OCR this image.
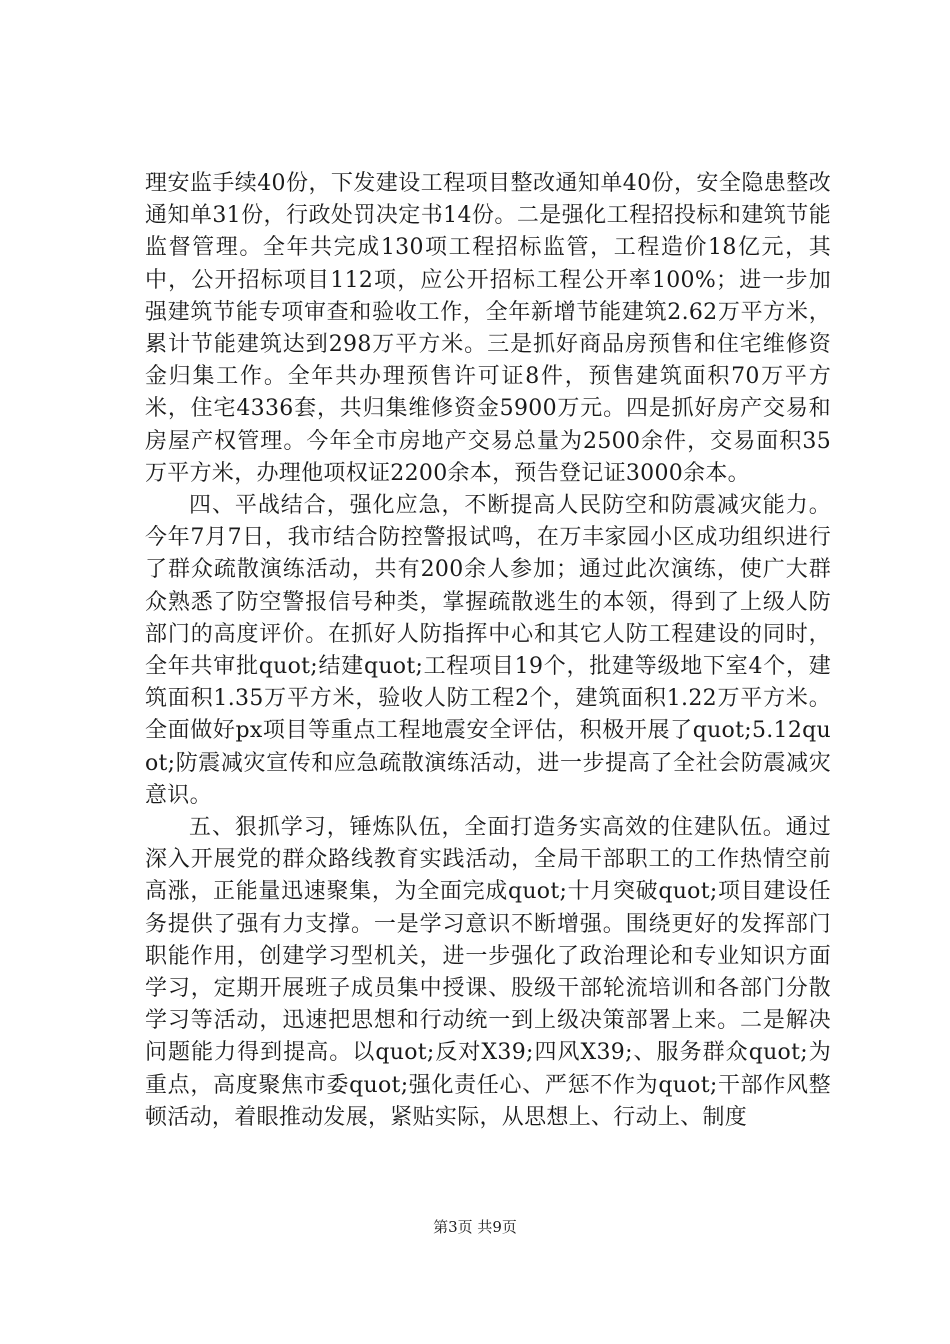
理安监手续40份，下发建设工程项目整改通知单40份，安全隐患整改通知单31份，行政处罚决定书14份。二是强化工程招投标和建筑节能监督管理。全年共完成130项工程招标监管，工程造价18亿元，其中，公开招标项目112项，应公开招标工程公开率100%；进一步加强建筑节能专项审查和验收工作，全年新增节能建筑2.62万平方米，累计节能建筑达到298万平方米。三是抓好商品房预售和住宅维修资金归集工作。全年共办理预售许可证8件，预售建筑面积70万平方米，住宅4336套，共归集维修资金5900万元。四是抓好房产交易和房屋产权管理。今年全市房地产交易总量为2500余件，交易面积35万平方米，办理他项权证2200余本，预告登记证3000余本。

四、平战结合，强化应急，不断提高人民防空和防震减灾能力。今年7月7日，我市结合防控警报试鸣，在万丰家园小区成功组织进行了群众疏散演练活动，共有200余人参加；通过此次演练，使广大群众熟悉了防空警报信号种类，掌握疏散逃生的本领，得到了上级人防部门的高度评价。在抓好人防指挥中心和其它人防工程建设的同时，全年共审批quot;结建quot;工程项目19个，批建等级地下室4个，建筑面积1.35万平方米，验收人防工程2个，建筑面积1.22万平方米。全面做好px项目等重点工程地震安全评估，积极开展了quot;5.12quot;防震减灾宣传和应急疏散演练活动，进一步提高了全社会防震减灾意识。

五、狠抓学习，锤炼队伍，全面打造务实高效的住建队伍。通过深入开展党的群众路线教育实践活动，全局干部职工的工作热情空前高涨，正能量迅速聚集，为全面完成quot;十月突破quot;项目建设任务提供了强有力支撑。一是学习意识不断增强。围绕更好的发挥部门职能作用，创建学习型机关，进一步强化了政治理论和专业知识方面学习，定期开展班子成员集中授课、股级干部轮流培训和各部门分散学习等活动，迅速把思想和行动统一到上级决策部署上来。二是解决问题能力得到提高。以quot;反对X39;四风X39;、服务群众quot;为重点，高度聚焦市委quot;强化责任心、严惩不作为quot;干部作风整顿活动，着眼推动发展，紧贴实际，从思想上、行动上、制度

第3页 共9页
